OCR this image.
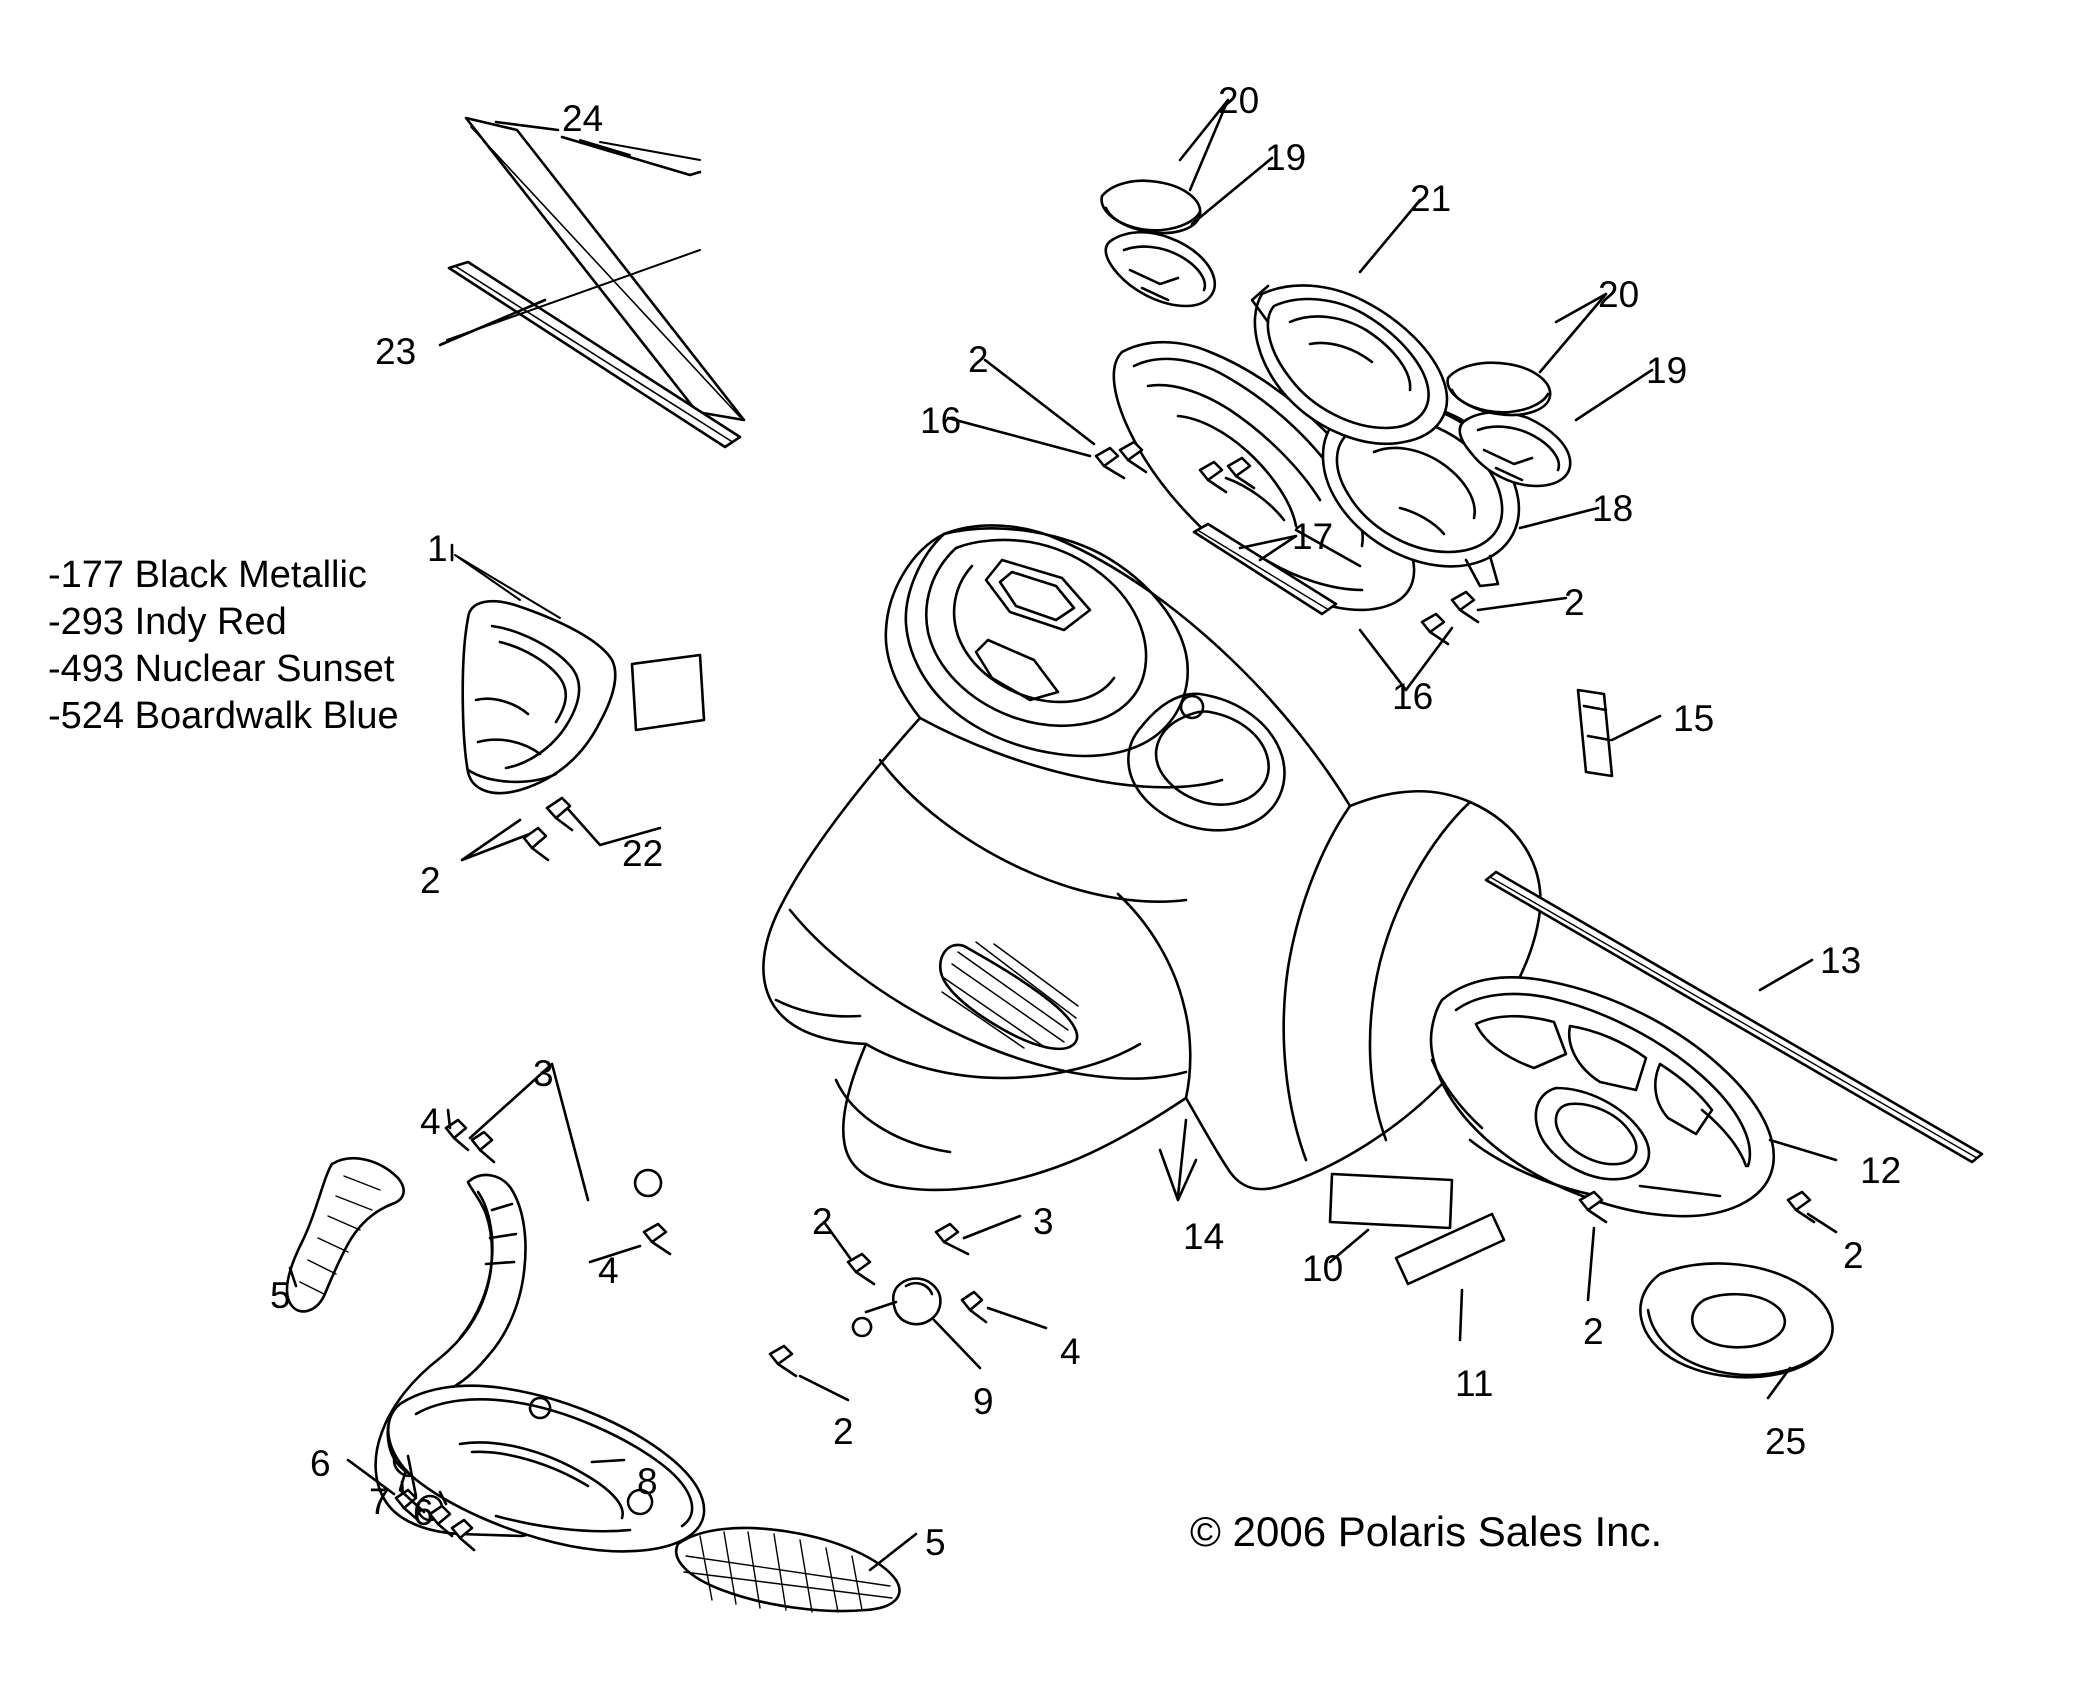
-177 Black Metallic
-293 Indy Red
-493 Nuclear Sunset
-524 Boardwalk Blue
24	20
19
21
20
19
23	2
16
18
17
2
1
16
15
22
2
13
12
3
4
2	3	14
10	2
5
4
4	2
11
9
2	25
6	8
7 6
5	© 2006 Polaris Sales Inc.
